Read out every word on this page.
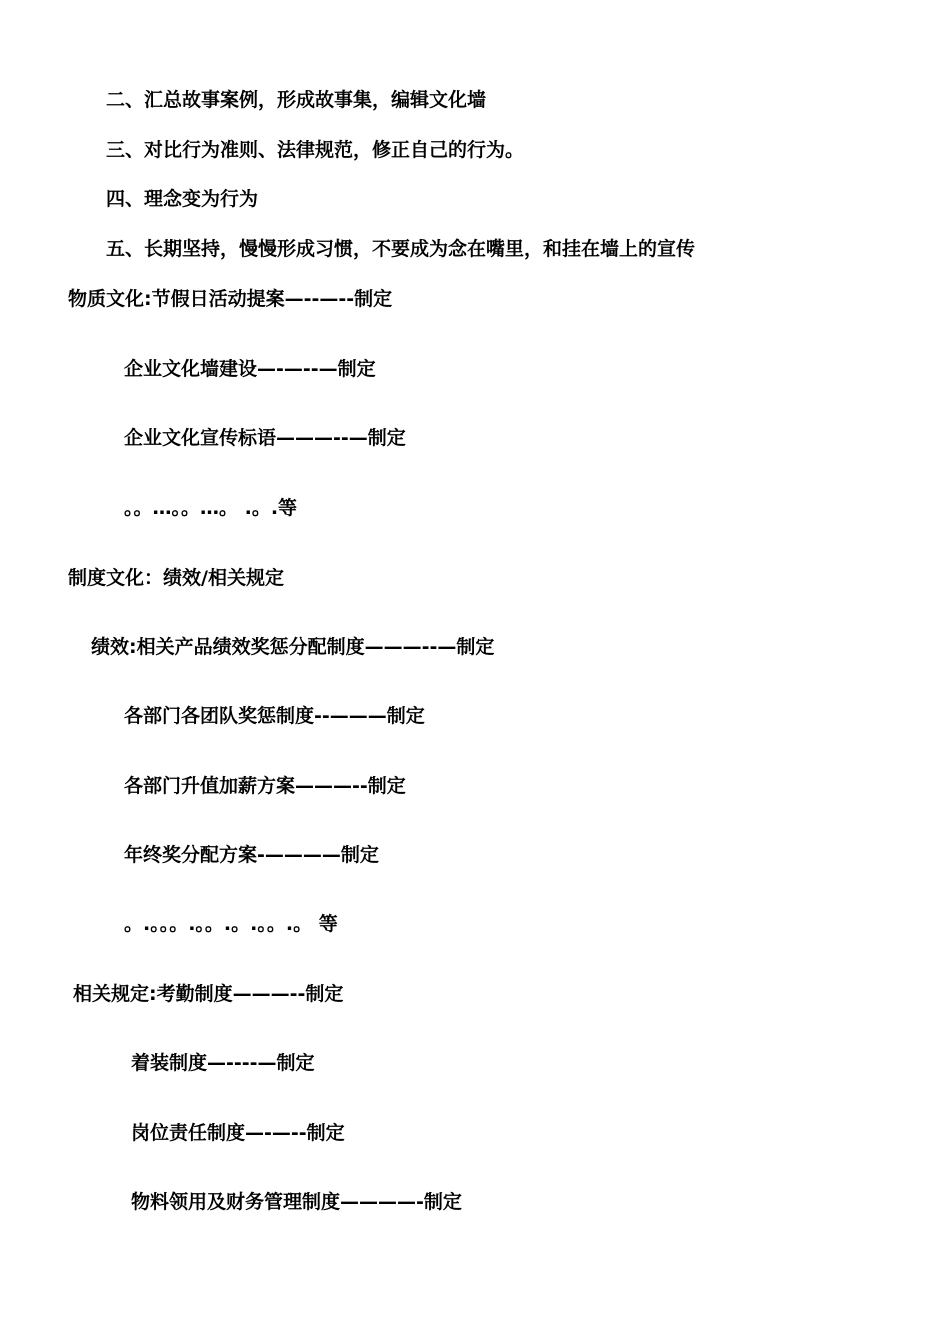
二、汇总故事案例，形成故事集，编辑文化墙
三、对比行为准则、法律规范，修正自己的行为。
四、理念变为行为
五、长期坚持，慢慢形成习惯，不要成为念在嘴里，和挂在墙上的宣传
物质文化:节假日活动提案—--—--制定
企业文化墙建设—-—--—制定
企业文化宣传标语———--—制定
。。…。。…。 .。.等
制度文化：绩效/相关规定
绩效:相关产品绩效奖惩分配制度———--—制定
各部门各团队奖惩制度--———制定
各部门升值加薪方案———--制定
年终奖分配方案-————制定
。.。。。.。。.。.。。.。 等
相关规定:考勤制度———--制定
着装制度—----—制定
岗位责任制度—-—--制定
物料领用及财务管理制度————-制定
